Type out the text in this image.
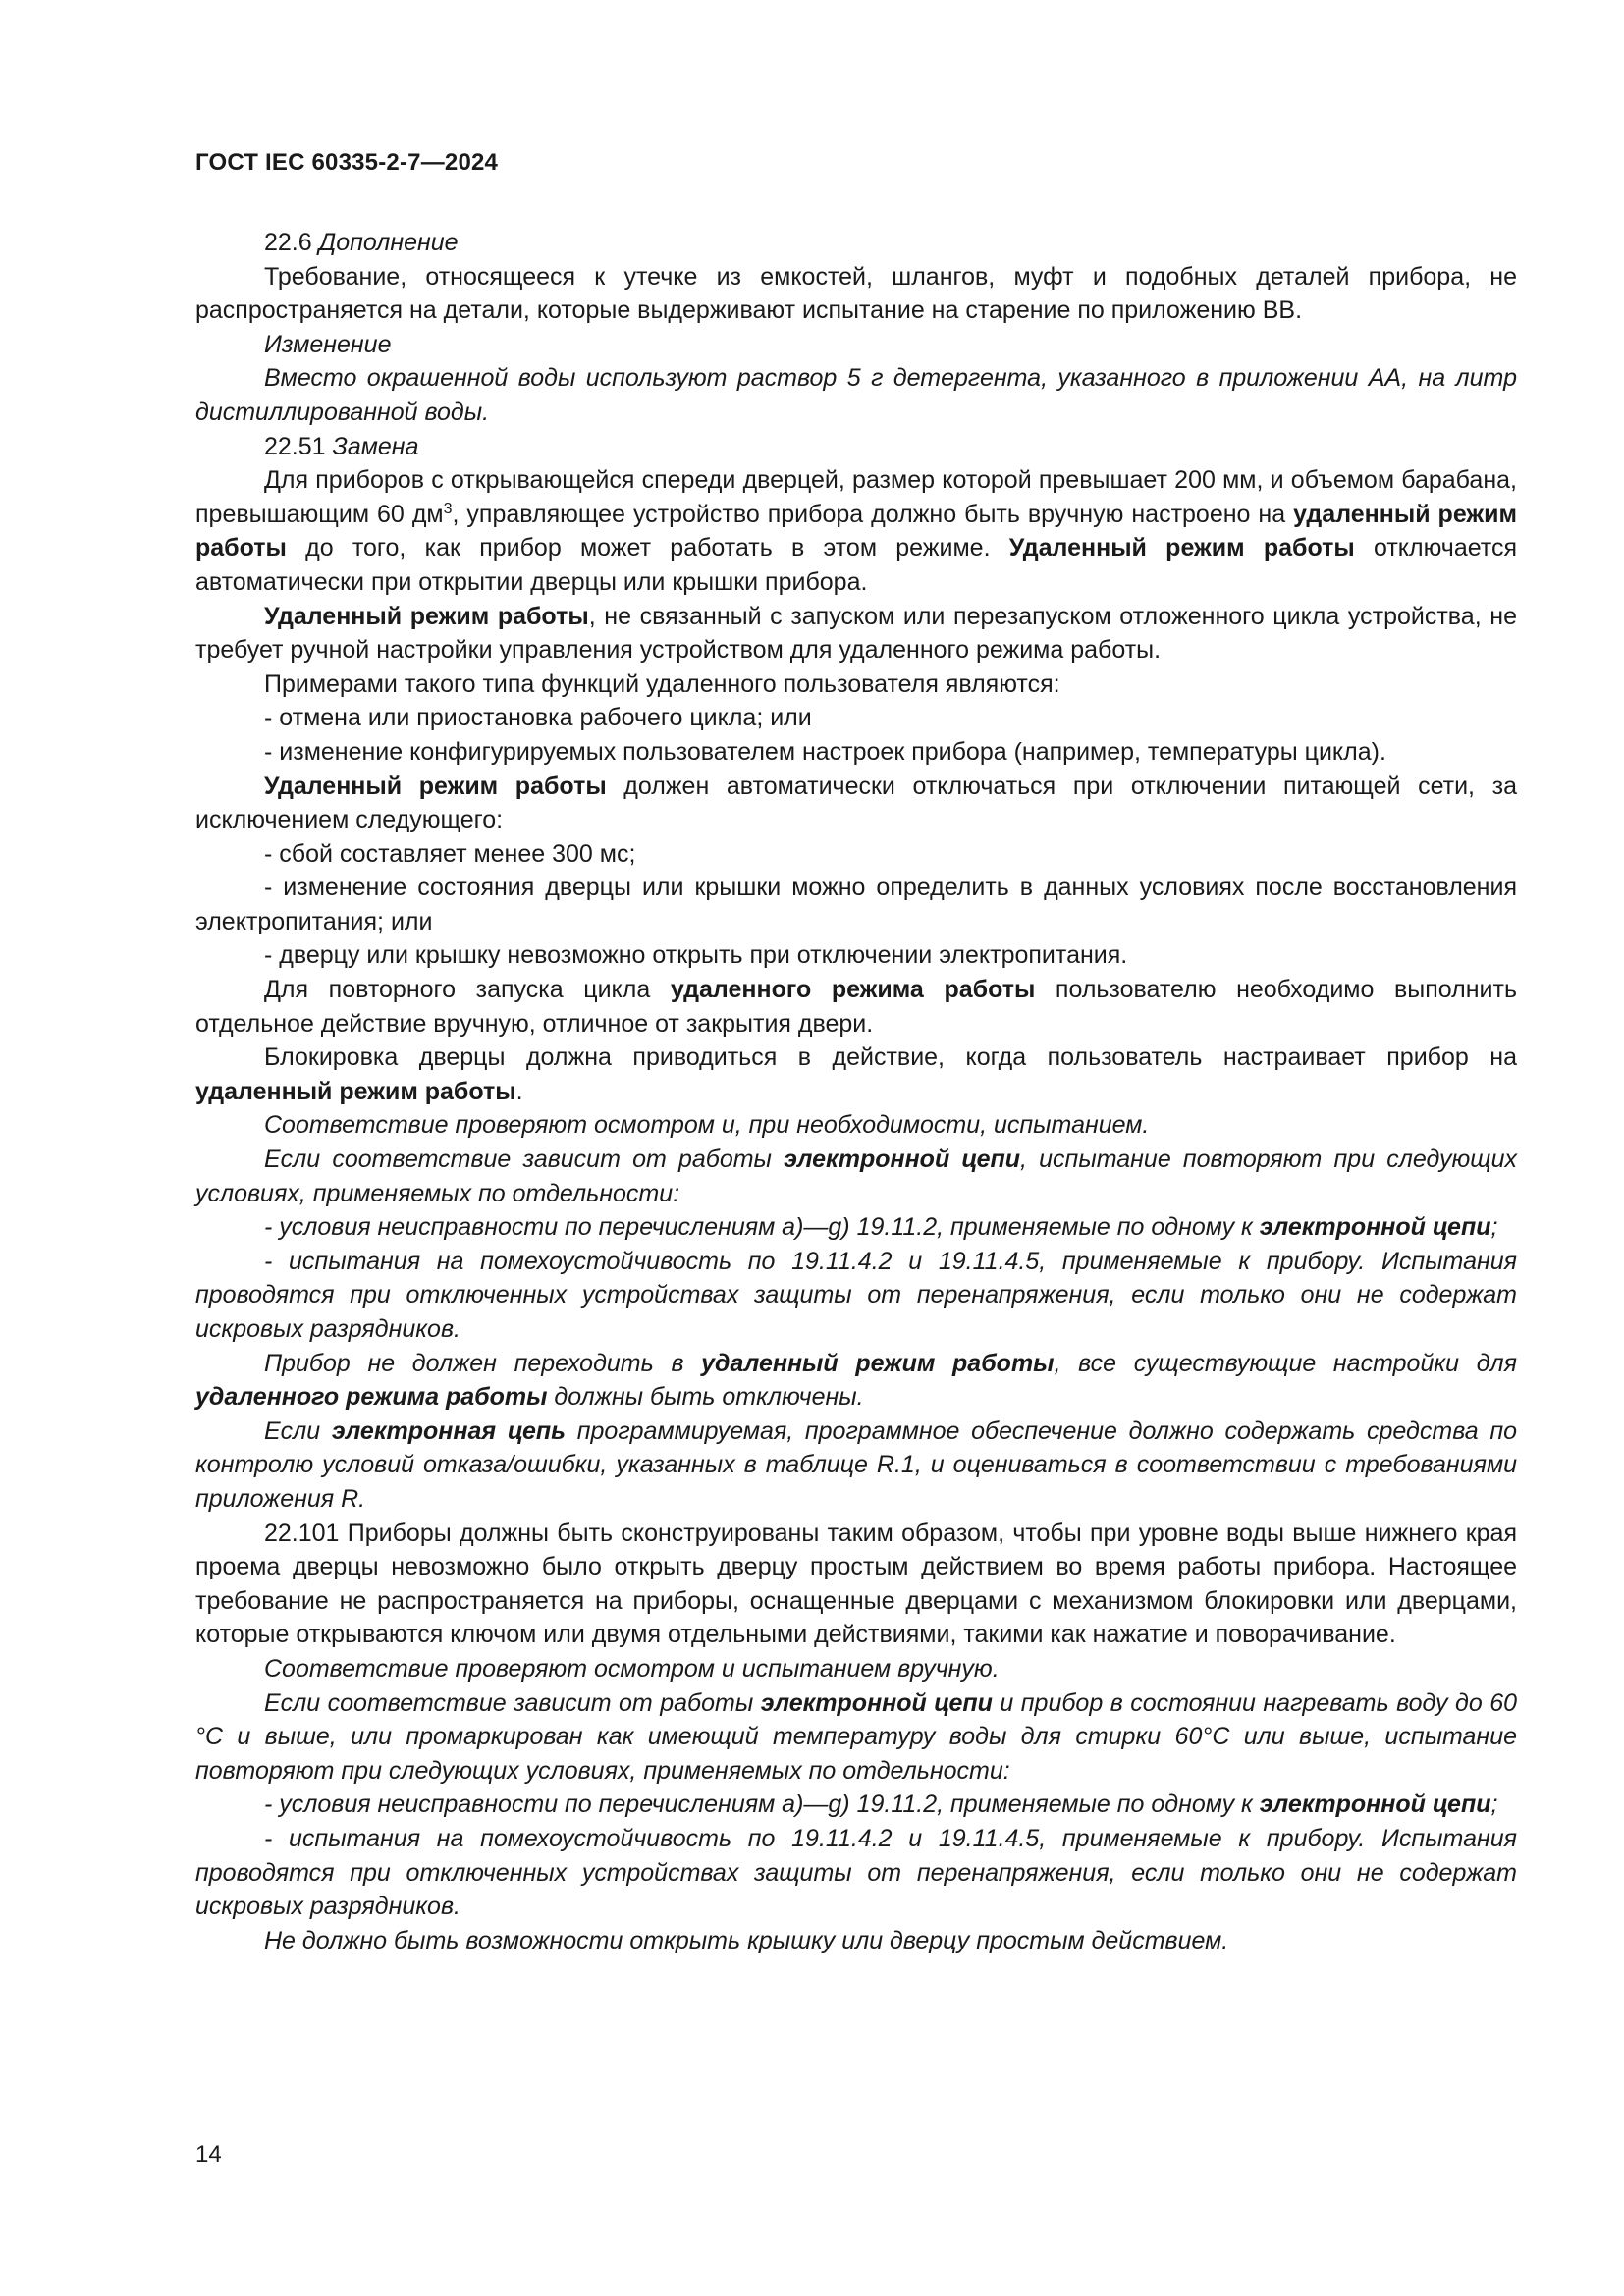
ГОСТ IEC 60335-2-7—2024

22.6 Дополнение

Требование, относящееся к утечке из емкостей, шлангов, муфт и подобных деталей прибора, не распространяется на детали, которые выдерживают испытание на старение по приложению ВВ.

Изменение

Вместо окрашенной воды используют раствор 5 г детергента, указанного в приложении АА, на литр дистиллированной воды.

22.51 Замена

Для приборов с открывающейся спереди дверцей, размер которой превышает 200 мм, и объемом барабана, превышающим 60 $дм^3$, управляющее устройство прибора должно быть вручную настроено на удаленный режим работы до того, как прибор может работать в этом режиме. Удаленный режим работы отключается автоматически при открытии дверцы или крышки прибора.

Удаленный режим работы, не связанный с запуском или перезапуском отложенного цикла устройства, не требует ручной настройки управления устройством для удаленного режима работы.

Примерами такого типа функций удаленного пользователя являются:

- отмена или приостановка рабочего цикла; или

- изменение конфигурируемых пользователем настроек прибора (например, температуры цикла).

Удаленный режим работы должен автоматически отключаться при отключении питающей сети, за исключением следующего:

- сбой составляет менее 300 мс;

- изменение состояния дверцы или крышки можно определить в данных условиях после восстановления электропитания; или

- дверцу или крышку невозможно открыть при отключении электропитания.

Для повторного запуска цикла удаленного режима работы пользователю необходимо выполнить отдельное действие вручную, отличное от закрытия двери.

Блокировка дверцы должна приводиться в действие, когда пользователь настраивает прибор на удаленный режим работы.

Соответствие проверяют осмотром и, при необходимости, испытанием.

Если соответствие зависит от работы электронной цепи, испытание повторяют при следующих условиях, применяемых по отдельности:

- условия неисправности по перечислениям а)—g) 19.11.2, применяемые по одному к электронной цепи;

- испытания на помехоустойчивость по 19.11.4.2 и 19.11.4.5, применяемые к прибору. Испытания проводятся при отключенных устройствах защиты от перенапряжения, если только они не содержат искровых разрядников.

Прибор не должен переходить в удаленный режим работы, все существующие настройки для удаленного режима работы должны быть отключены.

Если электронная цепь программируемая, программное обеспечение должно содержать средства по контролю условий отказа/ошибки, указанных в таблице R.1, и оцениваться в соответствии с требованиями приложения R.

22.101 Приборы должны быть сконструированы таким образом, чтобы при уровне воды выше нижнего края проема дверцы невозможно было открыть дверцу простым действием во время работы прибора. Настоящее требование не распространяется на приборы, оснащенные дверцами с механизмом блокировки или дверцами, которые открываются ключом или двумя отдельными действиями, такими как нажатие и поворачивание.

Соответствие проверяют осмотром и испытанием вручную.

Если соответствие зависит от работы электронной цепи и прибор в состоянии нагревать воду до 60 °С и выше, или промаркирован как имеющий температуру воды для стирки 60°С или выше, испытание повторяют при следующих условиях, применяемых по отдельности:

- условия неисправности по перечислениям а)—g) 19.11.2, применяемые по одному к электронной цепи;

- испытания на помехоустойчивость по 19.11.4.2 и 19.11.4.5, применяемые к прибору. Испытания проводятся при отключенных устройствах защиты от перенапряжения, если только они не содержат искровых разрядников.

Не должно быть возможности открыть крышку или дверцу простым действием.

14
